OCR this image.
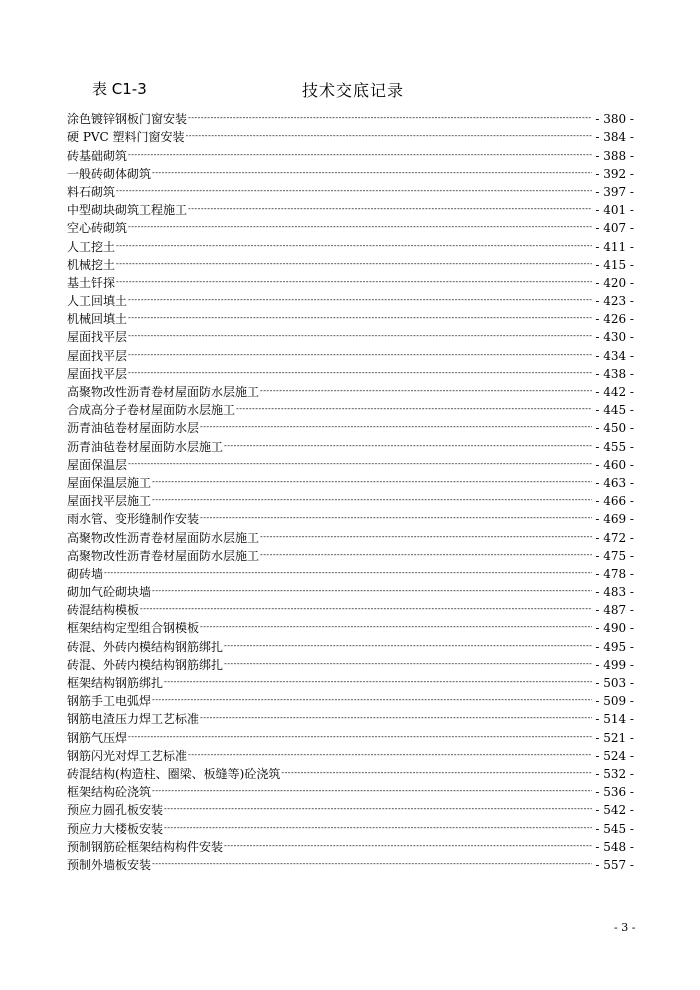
表 C1-3	技术交底记录
涂色镀锌钢板门窗安装 -----	- 380 -
硬 PVC 塑料门窗安装 -----	- 384 -
砖基础砌筑 -----	- 388 -
一般砖砌体砌筑 -----	- 392 -
料石砌筑 -----	- 397 -
中型砌块砌筑工程施工 -----	- 401 -
空心砖砌筑 -----	- 407 -
人工挖土 -----	- 411 -
机械挖土 -----	- 415 -
基土钎探 -----	- 420 -
人工回填土 -----	- 423 -
机械回填土 -----	- 426 -
屋面找平层 -----	- 430 -
屋面找平层 -----	- 434 -
屋面找平层 -----	- 438 -
高聚物改性沥青卷材屋面防水层施工 -----	- 442 -
合成高分子卷材屋面防水层施工 -----	- 445 -
沥青油毡卷材屋面防水层 -----	- 450 -
沥青油毡卷材屋面防水层施工 -----	- 455 -
屋面保温层 -----	- 460 -
屋面保温层施工 -----	- 463 -
屋面找平层施工 -----	- 466 -
雨水管、变形缝制作安装 -----	- 469 -
高聚物改性沥青卷材屋面防水层施工 -----	- 472 -
高聚物改性沥青卷材屋面防水层施工 -----	- 475 -
砌砖墙 -----	- 478 -
砌加气砼砌块墙 -----	- 483 -
砖混结构模板 -----	- 487 -
框架结构定型组合钢模板 -----	- 490 -
砖混、外砖内模结构钢筋绑扎 -----	- 495 -
砖混、外砖内模结构钢筋绑扎 -----	- 499 -
框架结构钢筋绑扎 -----	- 503 -
钢筋手工电弧焊 -----	- 509 -
钢筋电渣压力焊工艺标准 -----	- 514 -
钢筋气压焊 -----	- 521 -
钢筋闪光对焊工艺标准 -----	- 524 -
砖混结构(构造柱、圈梁、板缝等)砼浇筑 -----	- 532 -
框架结构砼浇筑 -----	- 536 -
预应力圆孔板安装 -----	- 542 -
预应力大楼板安装 -----	- 545 -
预制钢筋砼框架结构构件安装 -----	- 548 -
预制外墙板安装 -----	- 557 -
- 3 -
